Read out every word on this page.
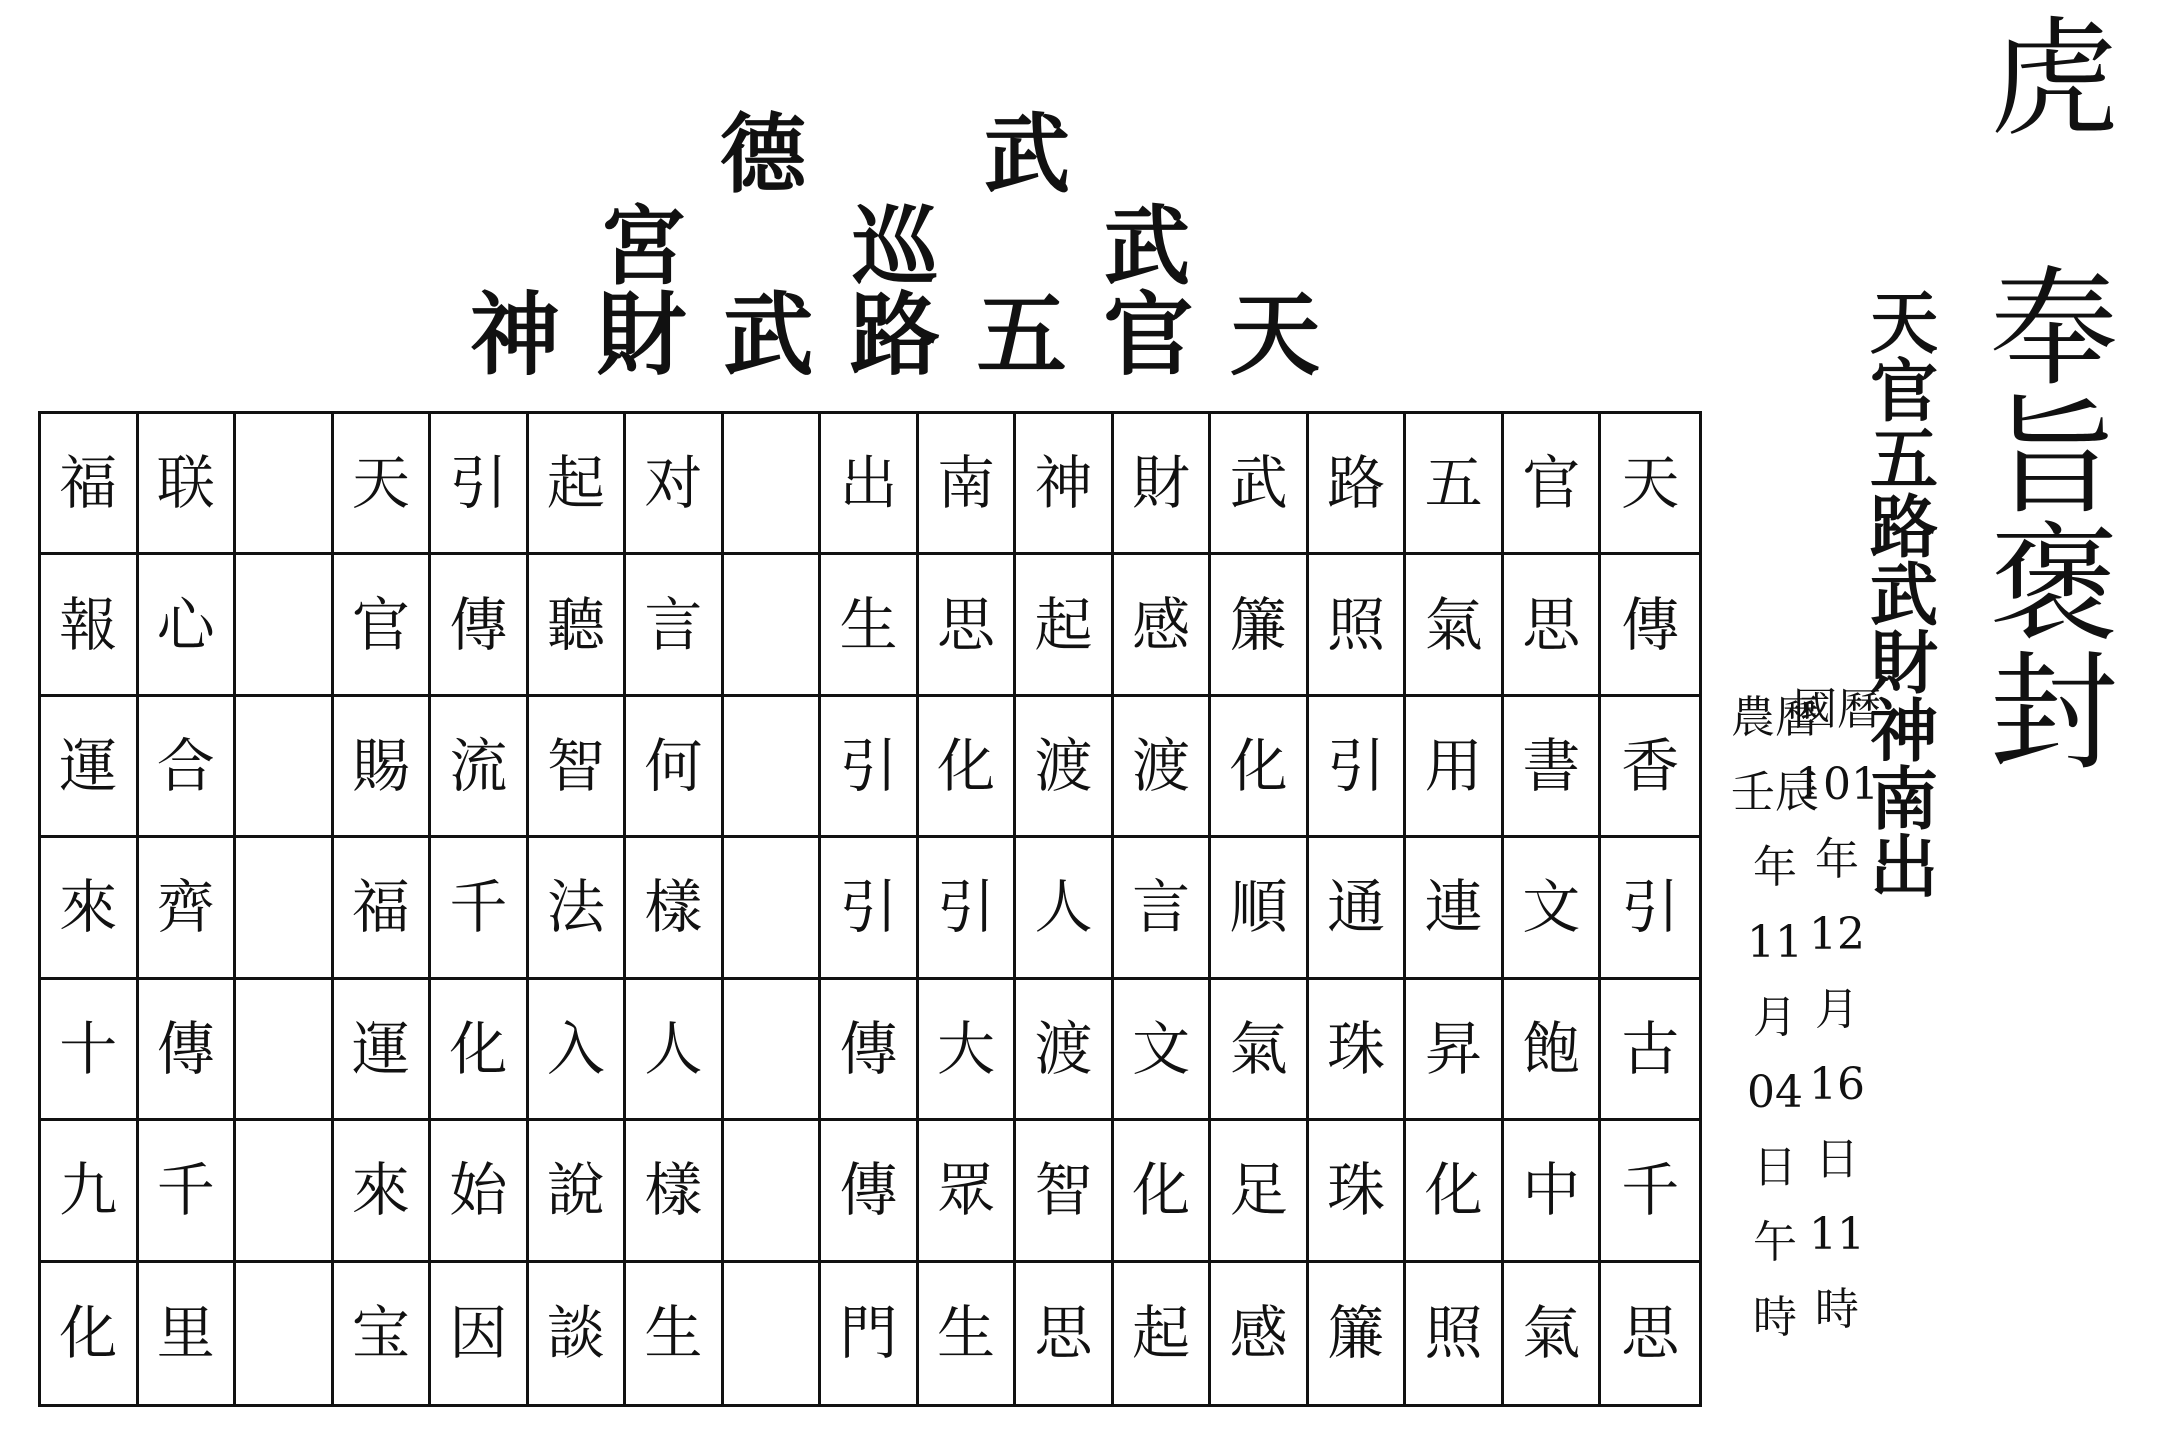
德 武
宮 巡 武
神 財 武 路 五 官 天
福
報
運
來
十
九
化
联
心
合
齊
傳
千
里
天
官
賜
福
運
來
宝
引
傳
流
千
化
始
因
起
聽
智
法
入
說
談
对
言
何
樣
人
樣
生
出
生
引
引
傳
傳
門
南
思
化
引
大
眾
生
神
起
渡
人
渡
智
思
財
感
渡
言
文
化
起
武
簾
化
順
氣
足
感
路
照
引
通
珠
珠
簾
五
氣
用
連
昇
化
照
官
思
書
文
飽
中
氣
天
傳
香
引
古
千
思
虎
奉
旨
褒
封
天
官
五
路
武
財
神
南
出
國曆
101
年
12
月
16
日
11
時
農曆
壬辰
年
11
月
04
日
午
時
